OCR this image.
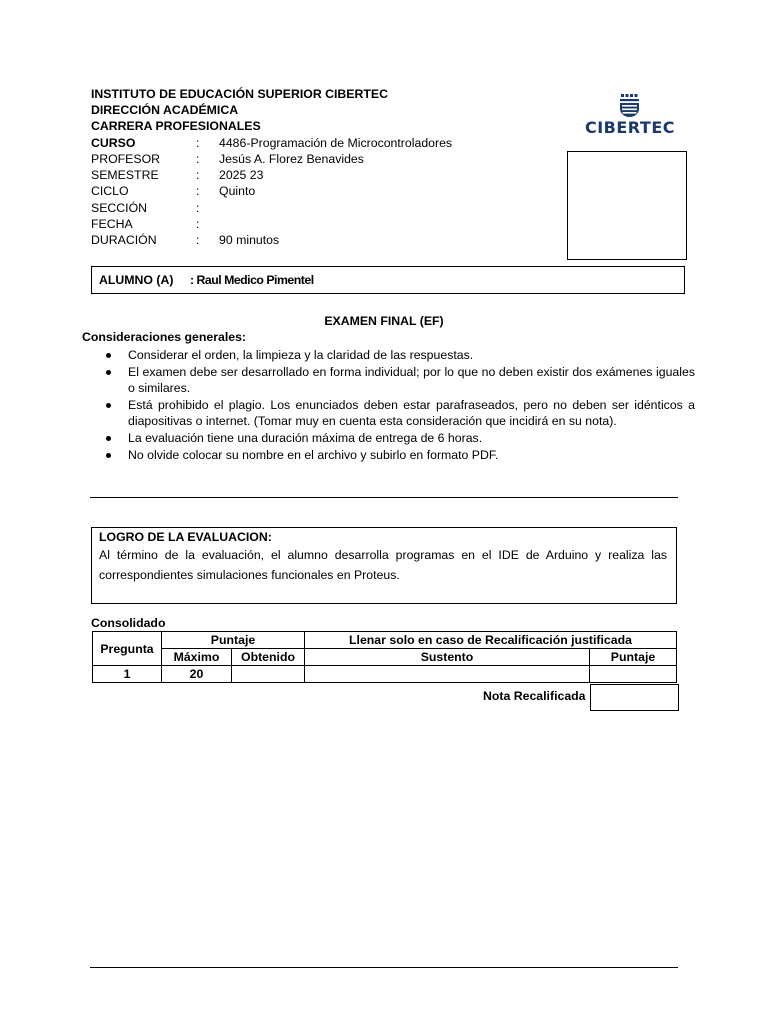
INSTITUTO DE EDUCACIÓN SUPERIOR CIBERTEC
DIRECCIÓN ACADÉMICA
CARRERA PROFESIONALES
CURSO	: 4486-Programación de Microcontroladores
PROFESOR	: Jesús A. Florez Benavides
SEMESTRE	: 2025 23
CICLO	: Quinto
SECCIÓN	:
FECHA	:
DURACIÓN	: 90 minutos
CIBERTEC
ALUMNO (A) : Raul Medico Pimentel
EXAMEN FINAL (EF)
Consideraciones generales:
Considerar el orden, la limpieza y la claridad de las respuestas.
El examen debe ser desarrollado en forma individual; por lo que no deben existir dos exámenes iguales o similares.
Está prohibido el plagio. Los enunciados deben estar parafraseados, pero no deben ser idénticos a diapositivas o internet. (Tomar muy en cuenta esta consideración que incidirá en su nota).
La evaluación tiene una duración máxima de entrega de 6 horas.
No olvide colocar su nombre en el archivo y subirlo en formato PDF.
LOGRO DE LA EVALUACION:
Al término de la evaluación, el alumno desarrolla programas en el IDE de Arduino y realiza las correspondientes simulaciones funcionales en Proteus.
Consolidado
Pregunta	Puntaje		Llenar solo en caso de Recalificación justificada	
	Máximo	Obtenido	Sustento	Puntaje
1	20			
Nota Recalificada
